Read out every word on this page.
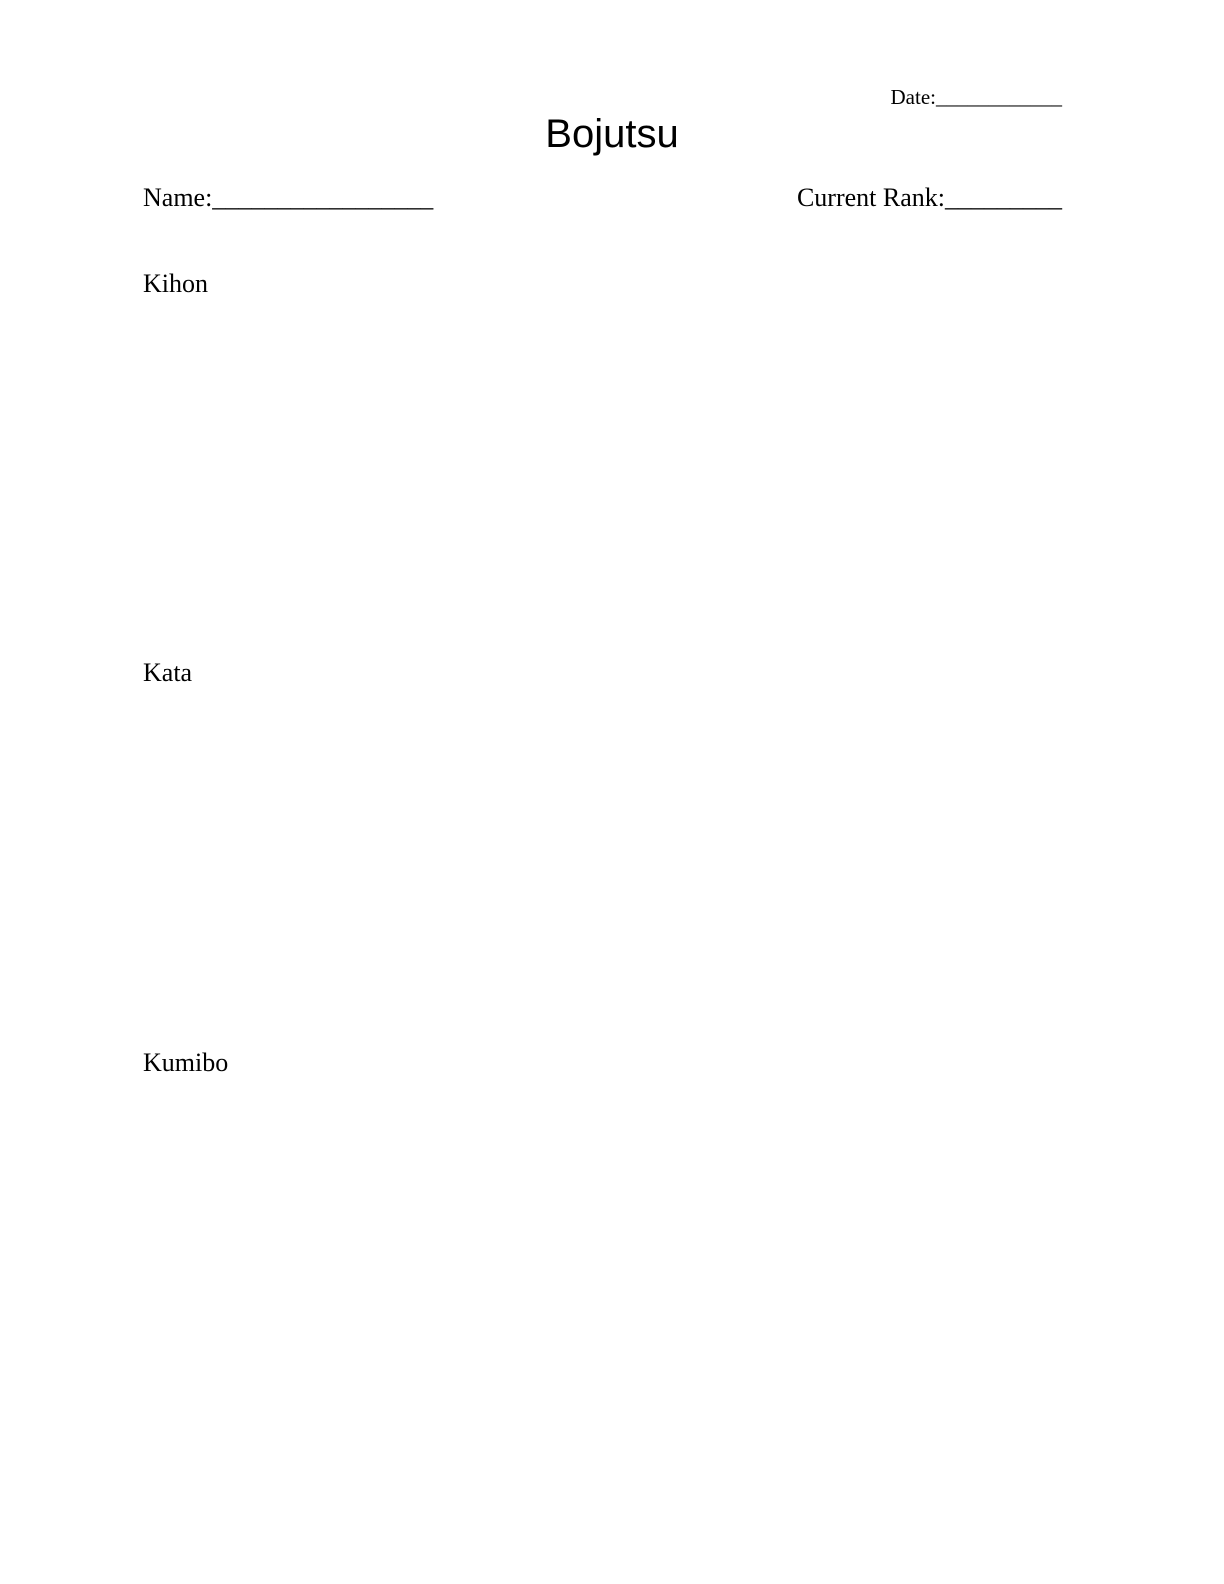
Date:____________
Bojutsu
Name:_________________	Current Rank:_________
Kihon
Kata
Kumibo
